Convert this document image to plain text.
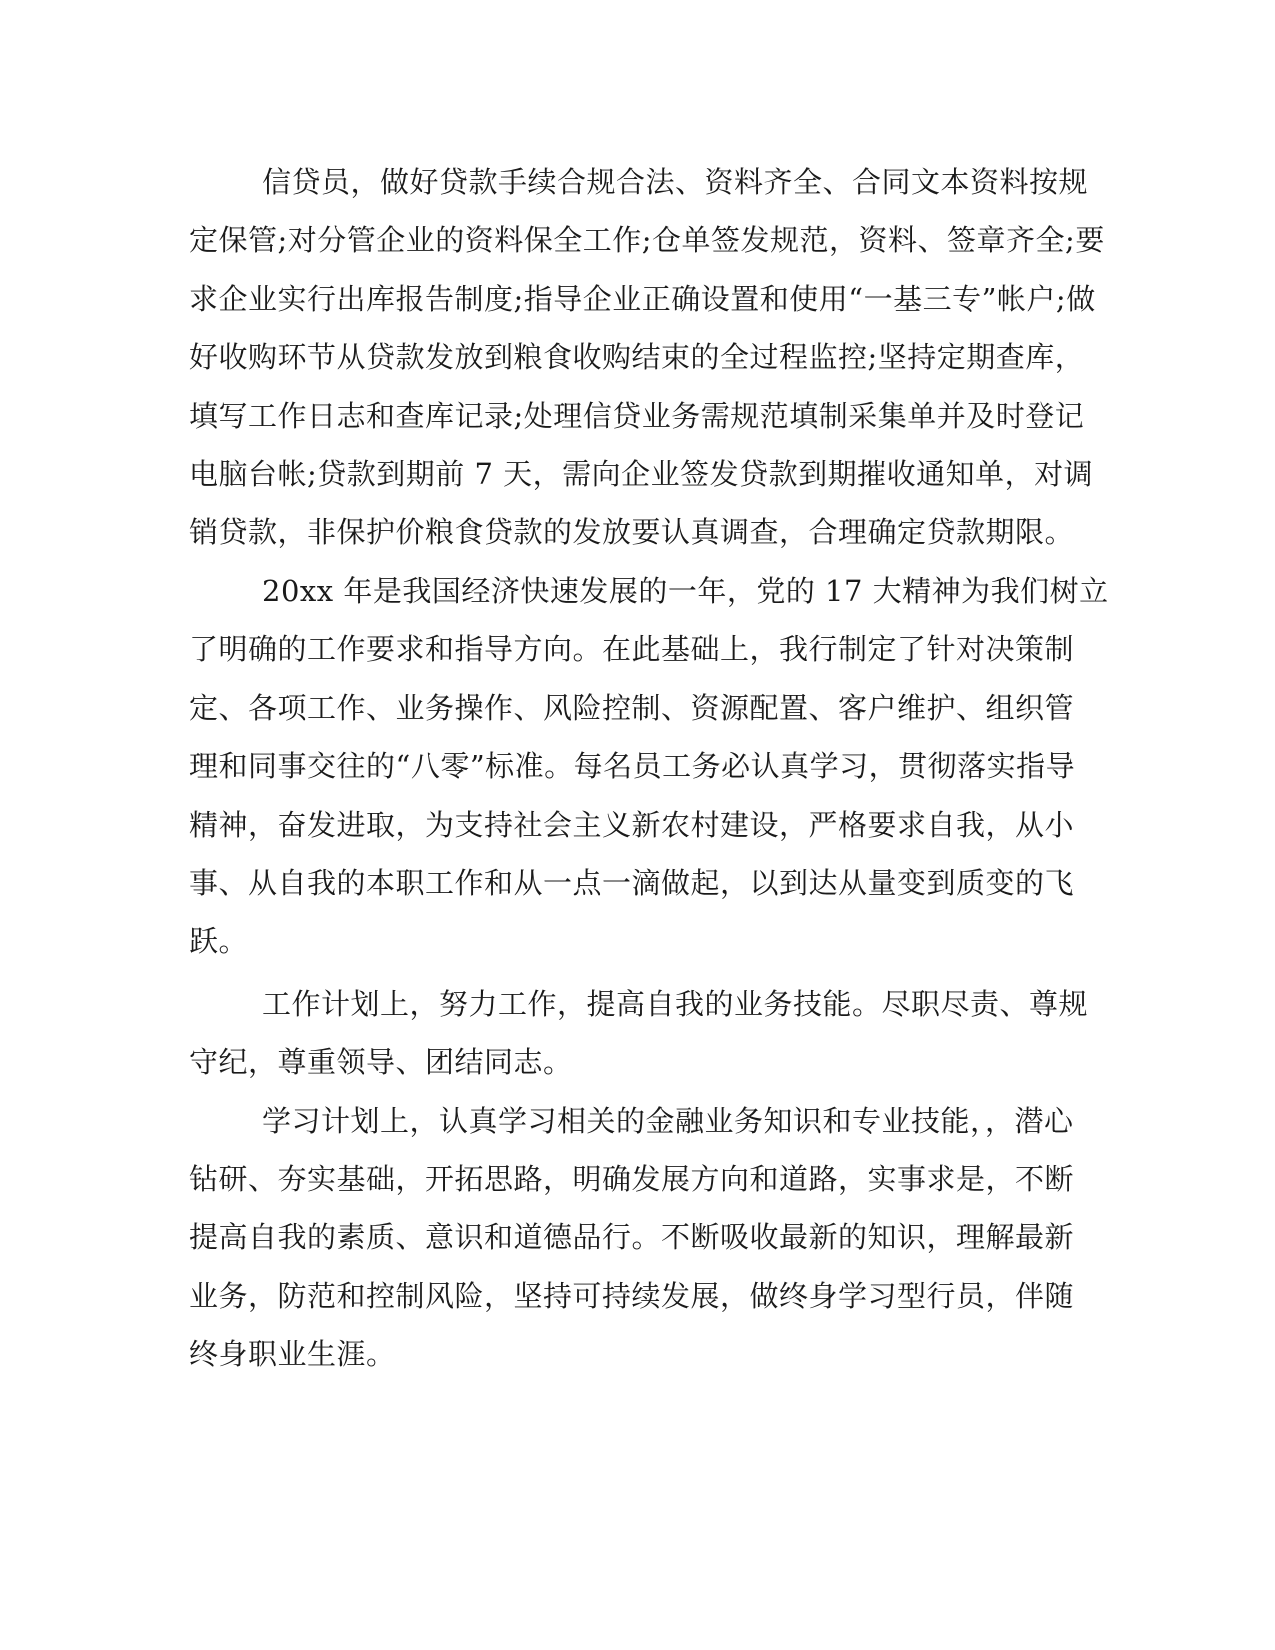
信贷员，做好贷款手续合规合法、资料齐全、合同文本资料按规

定保管;对分管企业的资料保全工作;仓单签发规范，资料、签章齐全;要

求企业实行出库报告制度;指导企业正确设置和使用“一基三专”帐户;做

好收购环节从贷款发放到粮食收购结束的全过程监控;坚持定期查库，

填写工作日志和查库记录;处理信贷业务需规范填制采集单并及时登记

电脑台帐;贷款到期前 7 天，需向企业签发贷款到期摧收通知单，对调

销贷款，非保护价粮食贷款的发放要认真调查，合理确定贷款期限。

20xx 年是我国经济快速发展的一年，党的 17 大精神为我们树立

了明确的工作要求和指导方向。在此基础上，我行制定了针对决策制

定、各项工作、业务操作、风险控制、资源配置、客户维护、组织管

理和同事交往的“八零”标准。每名员工务必认真学习，贯彻落实指导

精神，奋发进取，为支持社会主义新农村建设，严格要求自我，从小

事、从自我的本职工作和从一点一滴做起，以到达从量变到质变的飞

跃。

工作计划上，努力工作，提高自我的业务技能。尽职尽责、尊规

守纪，尊重领导、团结同志。

学习计划上，认真学习相关的金融业务知识和专业技能，，潜心

钻研、夯实基础，开拓思路，明确发展方向和道路，实事求是，不断

提高自我的素质、意识和道德品行。不断吸收最新的知识，理解最新

业务，防范和控制风险，坚持可持续发展，做终身学习型行员，伴随

终身职业生涯。
